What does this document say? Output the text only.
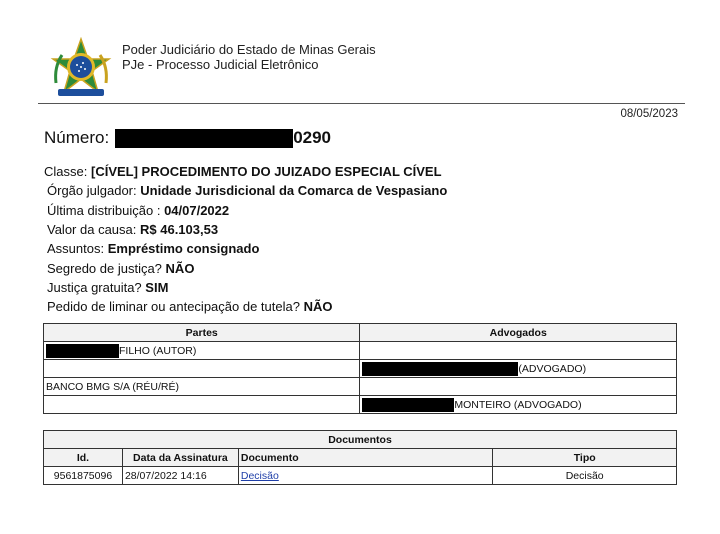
Poder Judiciário do Estado de Minas Gerais
PJe - Processo Judicial Eletrônico
08/05/2023
Número:	0290
Classe: [CÍVEL] PROCEDIMENTO DO JUIZADO ESPECIAL CÍVEL
Órgão julgador: Unidade Jurisdicional da Comarca de Vespasiano
Última distribuição : 04/07/2022
Valor da causa: R$ 46.103,53
Assuntos: Empréstimo consignado
Segredo de justiça? NÃO
Justiça gratuita? SIM
Pedido de liminar ou antecipação de tutela? NÃO
Partes	Advogados
FILHO (AUTOR)	
	(ADVOGADO)
BANCO BMG S/A (RÉU/RÉ)	
	MONTEIRO (ADVOGADO)
Documentos			
Id.	Data da Assinatura	Documento	Tipo
9561875096	28/07/2022 14:16	Decisão	Decisão
